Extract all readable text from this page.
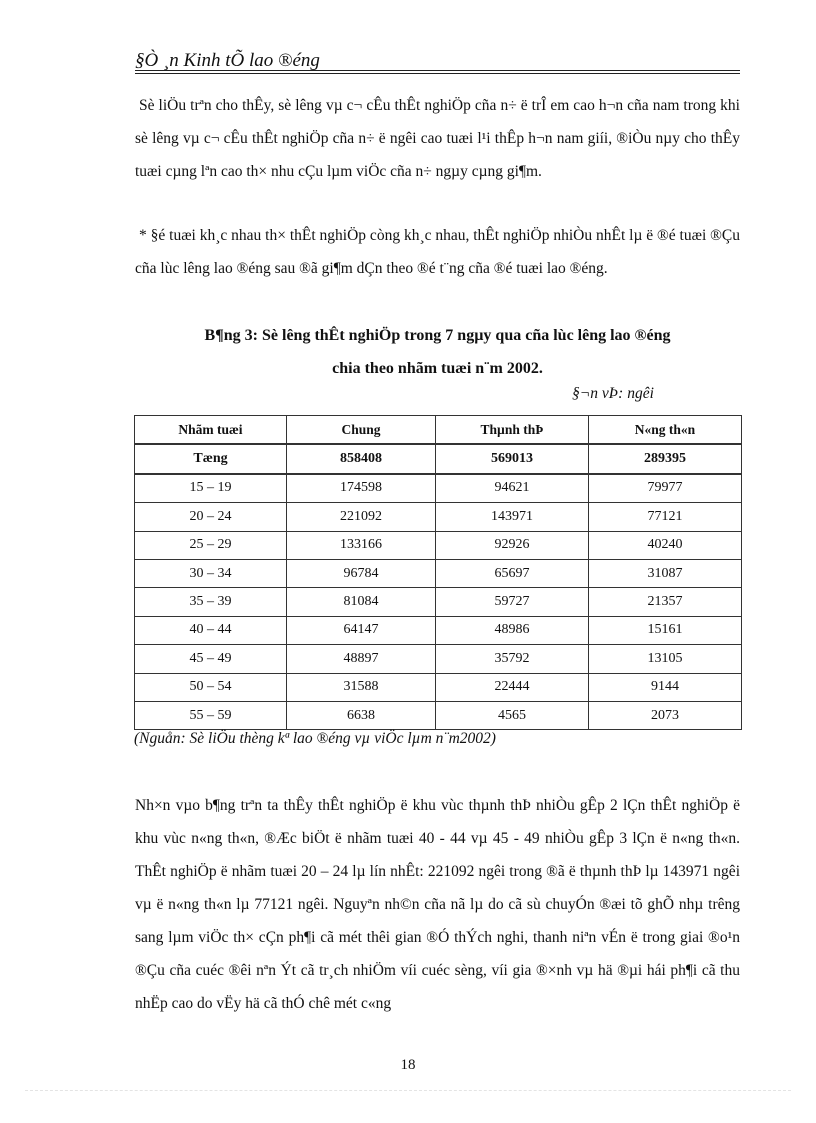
§Ò ¸n Kinh tÕ lao ®éng
Sè liÖu trªn cho thÊy, sè lêng vµ c¬ cÊu thÊt nghiÖp cña n÷ ë trÎ em cao h¬n cña nam trong khi sè lêng vµ c¬ cÊu thÊt nghiÖp cña n÷ ë ngêi cao tuæi l¹i thÊp h¬n nam giíi, ®iÒu nµy cho thÊy tuæi cµng lªn cao th× nhu cÇu lµm viÖc cña n÷ ngµy cµng gi¶m.
* §é tuæi kh¸c nhau th× thÊt nghiÖp còng kh¸c nhau, thÊt nghiÖp nhiÒu nhÊt lµ ë ®é tuæi ®Çu cña lùc lêng lao ®éng sau ®ã gi¶m dÇn theo ®é t¨ng cña ®é tuæi lao ®éng.
B¶ng 3: Sè lêng thÊt nghiÖp trong 7 ngµy qua cña lùc lêng lao ®éng
chia theo nhãm tuæi n¨m 2002.
§¬n vÞ: ngêi
Nhãm tuæi	Chung	Thµnh thÞ	N«ng th«n
Tæng	858408	569013	289395
15 – 19	174598	94621	79977
20 – 24	221092	143971	77121
25 – 29	133166	92926	40240
30 – 34	96784	65697	31087
35 – 39	81084	59727	21357
40 – 44	64147	48986	15161
45 – 49	48897	35792	13105
50 – 54	31588	22444	9144
55 – 59	6638	4565	2073
(Nguån: Sè liÖu thèng kª lao ®éng vµ viÖc lµm n¨m2002)
Nh×n vµo b¶ng trªn ta thÊy thÊt nghiÖp ë khu vùc thµnh thÞ nhiÒu gÊp 2 lÇn thÊt nghiÖp ë khu vùc n«ng th«n, ®Æc biÖt ë nhãm tuæi 40 - 44 vµ 45 - 49 nhiÒu gÊp 3 lÇn ë n«ng th«n. ThÊt nghiÖp ë nhãm tuæi 20 – 24 lµ lín nhÊt: 221092 ngêi trong ®ã ë thµnh thÞ lµ 143971 ngêi vµ ë n«ng th«n lµ 77121 ngêi. Nguyªn nh©n cña nã lµ do cã sù chuyÓn ®æi tõ ghÕ nhµ trêng sang lµm viÖc th× cÇn ph¶i cã mét thêi gian ®Ó thÝch nghi, thanh niªn vÉn ë trong giai ®o¹n ®Çu cña cuéc ®êi nªn Ýt cã tr¸ch nhiÖm víi cuéc sèng, víi gia ®×nh vµ hä ®µi hái ph¶i cã thu nhËp cao do vËy hä cã thÓ chê mét c«ng
18
